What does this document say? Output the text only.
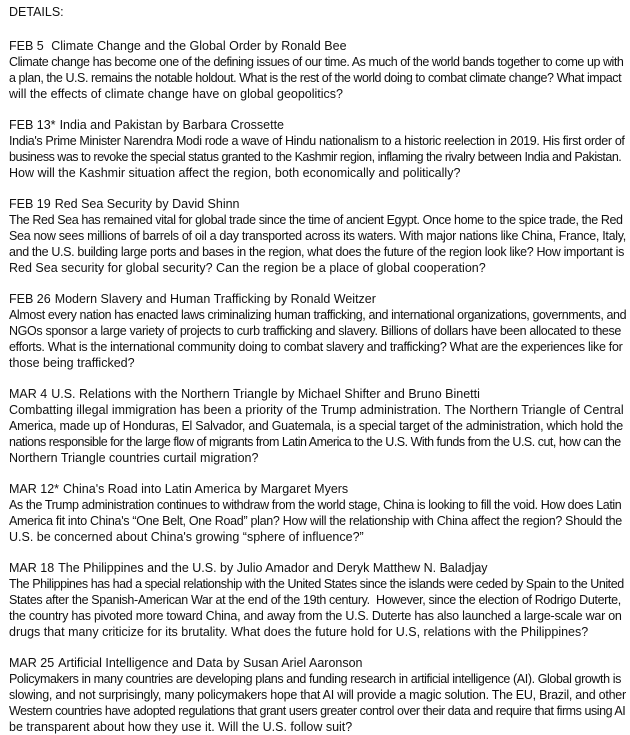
DETAILS:
FEB 5 Climate Change and the Global Order by Ronald Bee
Climate change has become one of the defining issues of our time. As much of the world bands together to come up with
a plan, the U.S. remains the notable holdout. What is the rest of the world doing to combat climate change? What impact
will the effects of climate change have on global geopolitics?
FEB 13* India and Pakistan by Barbara Crossette
India's Prime Minister Narendra Modi rode a wave of Hindu nationalism to a historic reelection in 2019. His first order of
business was to revoke the special status granted to the Kashmir region, inflaming the rivalry between India and Pakistan.
How will the Kashmir situation affect the region, both economically and politically?
FEB 19 Red Sea Security by David Shinn
The Red Sea has remained vital for global trade since the time of ancient Egypt. Once home to the spice trade, the Red
Sea now sees millions of barrels of oil a day transported across its waters. With major nations like China, France, Italy,
and the U.S. building large ports and bases in the region, what does the future of the region look like? How important is
Red Sea security for global security? Can the region be a place of global cooperation?
FEB 26 Modern Slavery and Human Trafficking by Ronald Weitzer
Almost every nation has enacted laws criminalizing human trafficking, and international organizations, governments, and
NGOs sponsor a large variety of projects to curb trafficking and slavery. Billions of dollars have been allocated to these
efforts. What is the international community doing to combat slavery and trafficking? What are the experiences like for
those being trafficked?
MAR 4 U.S. Relations with the Northern Triangle by Michael Shifter and Bruno Binetti
Combatting illegal immigration has been a priority of the Trump administration. The Northern Triangle of Central
America, made up of Honduras, El Salvador, and Guatemala, is a special target of the administration, which hold the
nations responsible for the large flow of migrants from Latin America to the U.S. With funds from the U.S. cut, how can the
Northern Triangle countries curtail migration?
MAR 12* China's Road into Latin America by Margaret Myers
As the Trump administration continues to withdraw from the world stage, China is looking to fill the void. How does Latin
America fit into China's “One Belt, One Road” plan? How will the relationship with China affect the region? Should the
U.S. be concerned about China's growing “sphere of influence?”
MAR 18 The Philippines and the U.S. by Julio Amador and Deryk Matthew N. Baladjay
The Philippines has had a special relationship with the United States since the islands were ceded by Spain to the United
States after the Spanish-American War at the end of the 19th century.  However, since the election of Rodrigo Duterte,
the country has pivoted more toward China, and away from the U.S. Duterte has also launched a large-scale war on
drugs that many criticize for its brutality. What does the future hold for U.S, relations with the Philippines?
MAR 25 Artificial Intelligence and Data by Susan Ariel Aaronson
Policymakers in many countries are developing plans and funding research in artificial intelligence (AI). Global growth is
slowing, and not surprisingly, many policymakers hope that AI will provide a magic solution. The EU, Brazil, and other
Western countries have adopted regulations that grant users greater control over their data and require that firms using AI
be transparent about how they use it. Will the U.S. follow suit?
